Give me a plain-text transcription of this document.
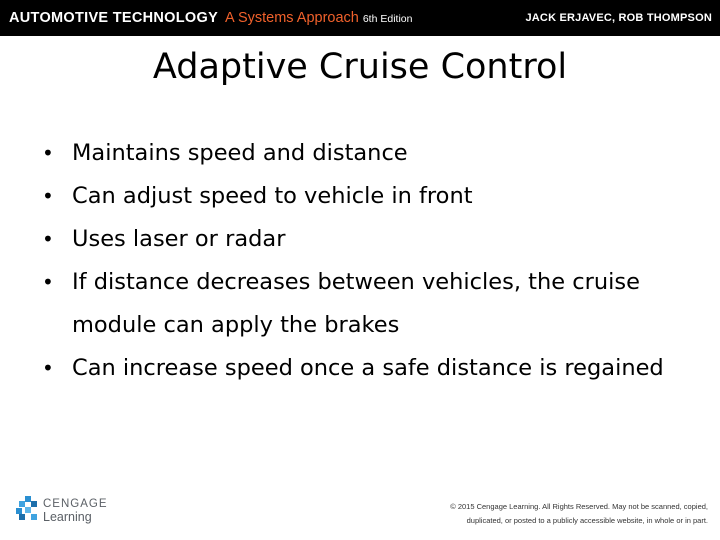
AUTOMOTIVE TECHNOLOGY A Systems Approach 6th Edition	JACK ERJAVEC, ROB THOMPSON
Adaptive Cruise Control
• Maintains speed and distance
• Can adjust speed to vehicle in front
• Uses laser or radar
• If distance decreases between vehicles, the cruise module can apply the brakes
• Can increase speed once a safe distance is regained
CENGAGE
Learning
© 2015 Cengage Learning. All Rights Reserved. May not be scanned, copied,
duplicated, or posted to a publicly accessible website, in whole or in part.
